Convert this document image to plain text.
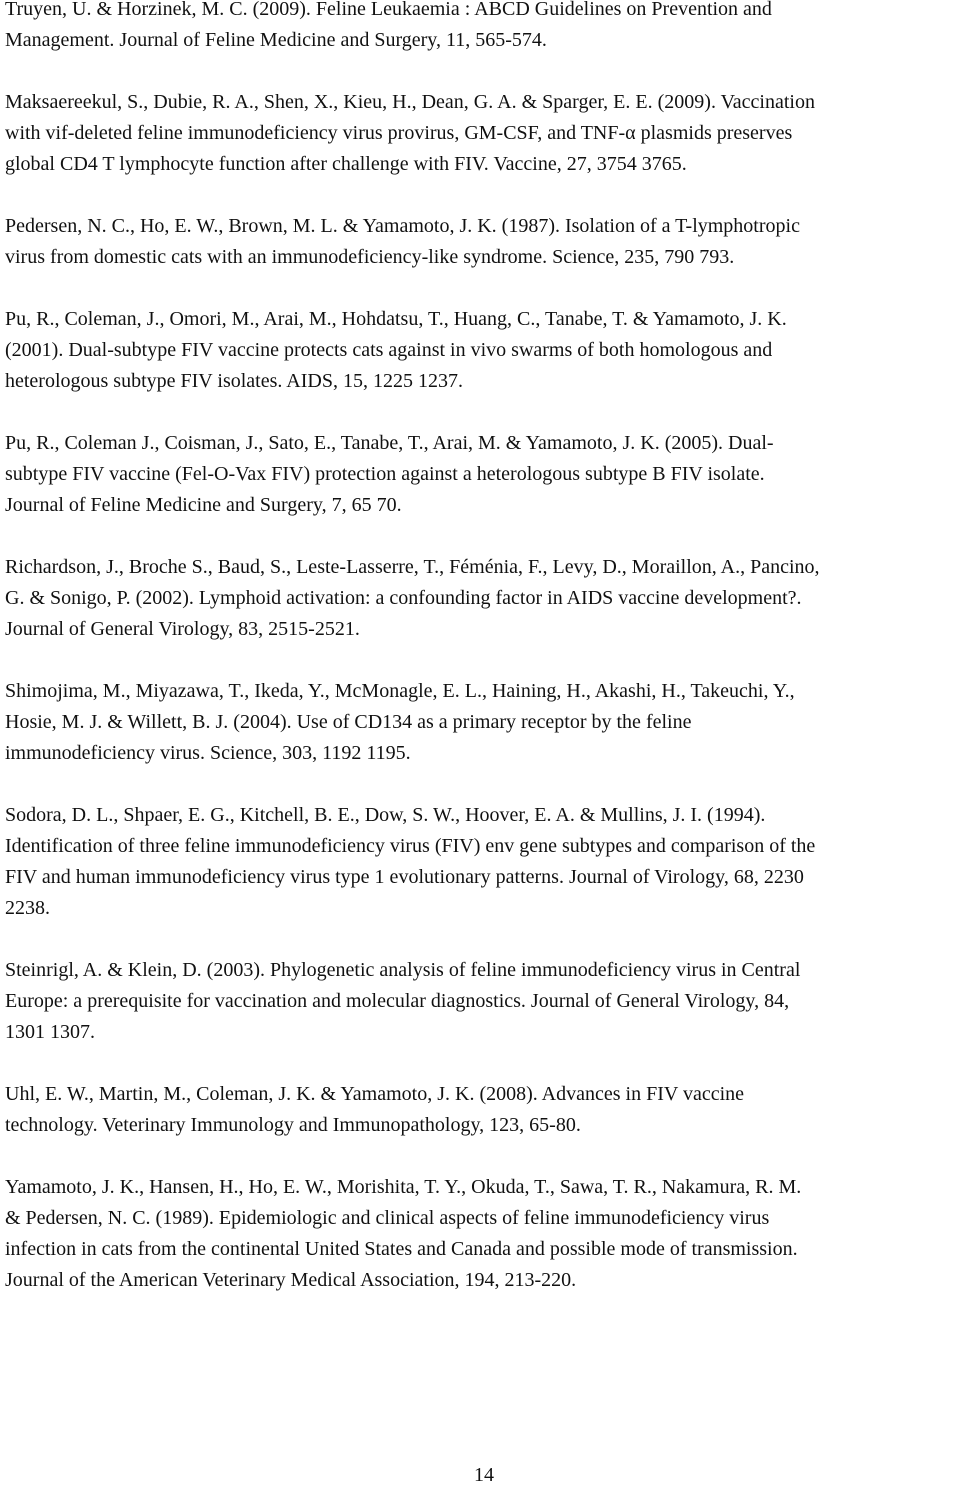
Truyen, U. & Horzinek, M. C. (2009). Feline Leukaemia : ABCD Guidelines on Prevention and
Management. Journal of Feline Medicine and Surgery, 11, 565-574.
Maksaereekul, S., Dubie, R. A., Shen, X., Kieu, H., Dean, G. A. & Sparger, E. E. (2009). Vaccination
with vif-deleted feline immunodeficiency virus provirus, GM-CSF, and TNF-α plasmids preserves
global CD4 T lymphocyte function after challenge with FIV. Vaccine, 27, 3754 3765.
Pedersen, N. C., Ho, E. W., Brown, M. L. & Yamamoto, J. K. (1987). Isolation of a T-lymphotropic
virus from domestic cats with an immunodeficiency-like syndrome. Science, 235, 790 793.
Pu, R., Coleman, J., Omori, M., Arai, M., Hohdatsu, T., Huang, C., Tanabe, T. & Yamamoto, J. K.
(2001). Dual-subtype FIV vaccine protects cats against in vivo swarms of both homologous and
heterologous subtype FIV isolates. AIDS, 15, 1225 1237.
Pu, R., Coleman J., Coisman, J., Sato, E., Tanabe, T., Arai, M. & Yamamoto, J. K. (2005). Dual-
subtype FIV vaccine (Fel-O-Vax FIV) protection against a heterologous subtype B FIV isolate.
Journal of Feline Medicine and Surgery, 7, 65 70.
Richardson, J., Broche S., Baud, S., Leste-Lasserre, T., Féménia, F., Levy, D., Moraillon, A., Pancino,
G. & Sonigo, P. (2002). Lymphoid activation: a confounding factor in AIDS vaccine development?.
Journal of General Virology, 83, 2515-2521.
Shimojima, M., Miyazawa, T., Ikeda, Y., McMonagle, E. L., Haining, H., Akashi, H., Takeuchi, Y.,
Hosie, M. J. & Willett, B. J. (2004). Use of CD134 as a primary receptor by the feline
immunodeficiency virus. Science, 303, 1192 1195.
Sodora, D. L., Shpaer, E. G., Kitchell, B. E., Dow, S. W., Hoover, E. A. & Mullins, J. I. (1994).
Identification of three feline immunodeficiency virus (FIV) env gene subtypes and comparison of the
FIV and human immunodeficiency virus type 1 evolutionary patterns. Journal of Virology, 68, 2230
2238.
Steinrigl, A. & Klein, D. (2003). Phylogenetic analysis of feline immunodeficiency virus in Central
Europe: a prerequisite for vaccination and molecular diagnostics. Journal of General Virology, 84,
1301 1307.
Uhl, E. W., Martin, M., Coleman, J. K. & Yamamoto, J. K. (2008). Advances in FIV vaccine
technology. Veterinary Immunology and Immunopathology, 123, 65-80.
Yamamoto, J. K., Hansen, H., Ho, E. W., Morishita, T. Y., Okuda, T., Sawa, T. R., Nakamura, R. M.
& Pedersen, N. C. (1989). Epidemiologic and clinical aspects of feline immunodeficiency virus
infection in cats from the continental United States and Canada and possible mode of transmission.
Journal of the American Veterinary Medical Association, 194, 213-220.
14
